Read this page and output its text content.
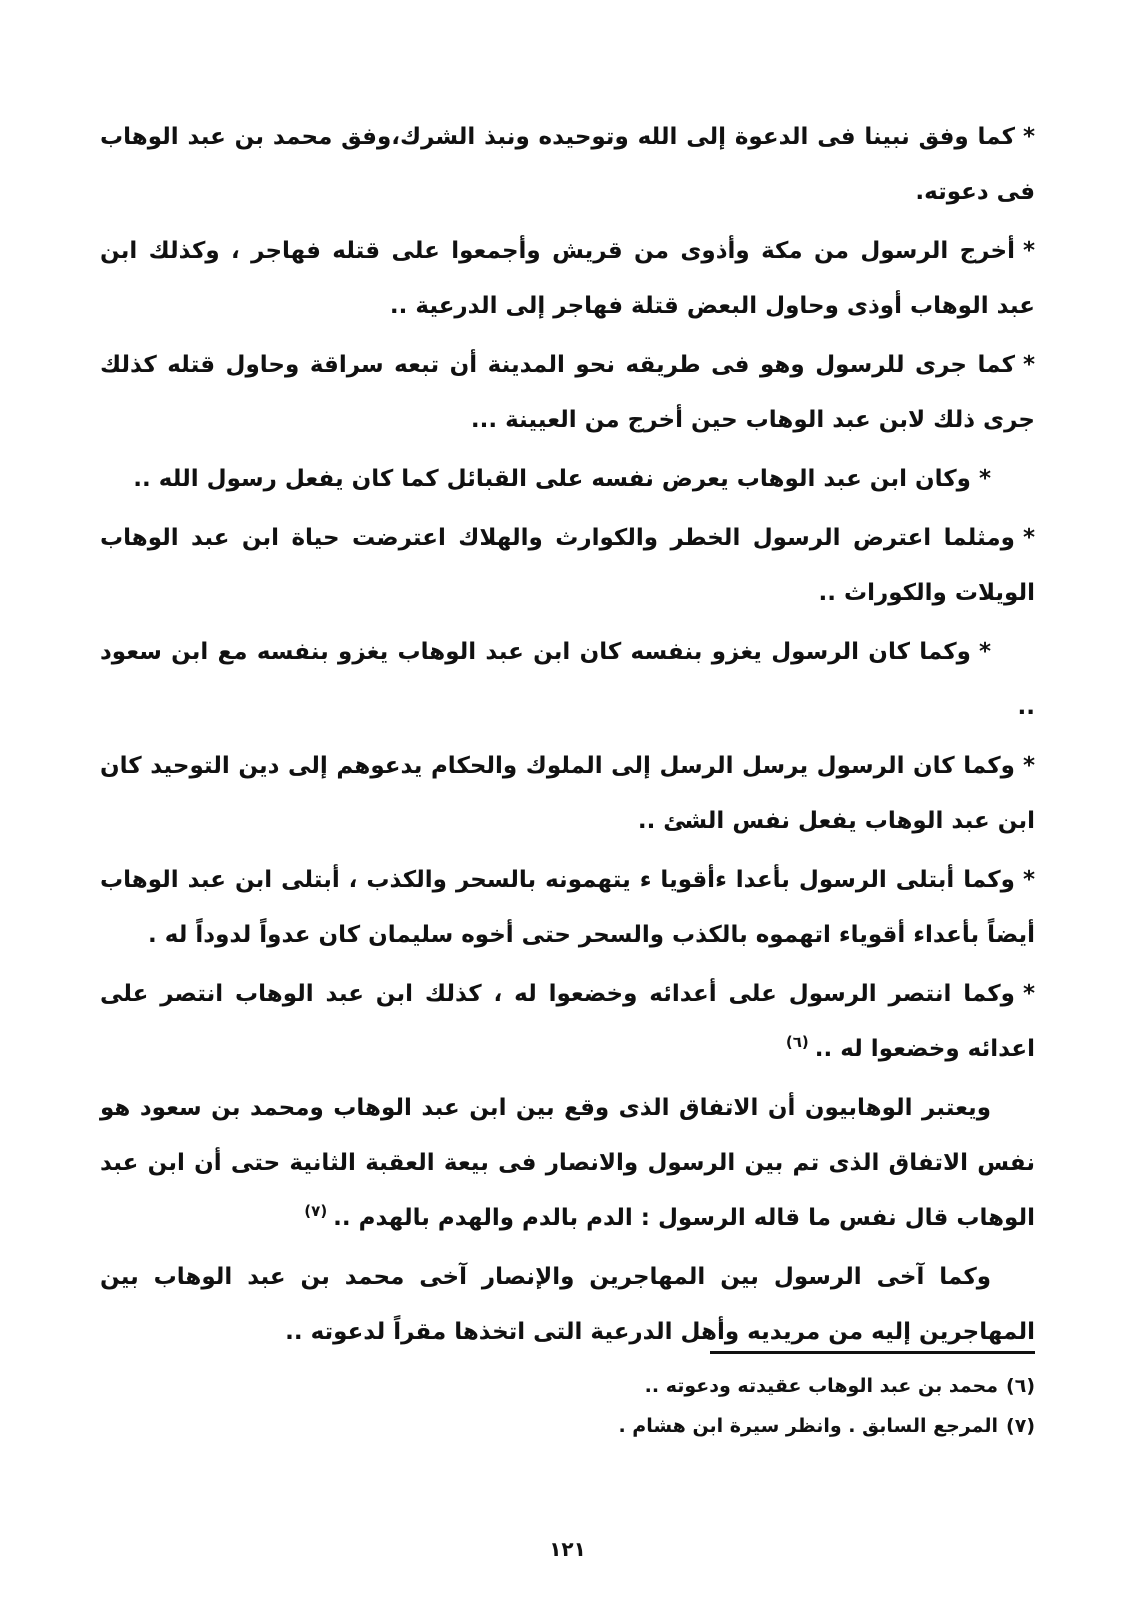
*كما وفق نبينا فى الدعوة إلى الله وتوحيده ونبذ الشرك،وفق محمد بن عبد الوهاب فى دعوته.

*أخرج الرسول من مكة وأذوى من قريش وأجمعوا على قتله فهاجر ، وكذلك ابن عبد الوهاب أوذى وحاول البعض قتلة فهاجر إلى الدرعية ..

*كما جرى للرسول وهو فى طريقه نحو المدينة أن تبعه سراقة وحاول قتله كذلك جرى ذلك لابن عبد الوهاب حين أخرج من العيينة ...

*وكان ابن عبد الوهاب يعرض نفسه على القبائل كما كان يفعل رسول الله ..

*ومثلما اعترض الرسول الخطر والكوارث والهلاك اعترضت حياة ابن عبد الوهاب الويلات والكوراث ..

*وكما كان الرسول يغزو بنفسه كان ابن عبد الوهاب يغزو بنفسه مع ابن سعود ..

*وكما كان الرسول يرسل الرسل إلى الملوك والحكام يدعوهم إلى دين التوحيد كان ابن عبد الوهاب يفعل نفس الشئ ..

*وكما أبتلى الرسول بأعدا ءأقويا ء يتهمونه بالسحر والكذب ، أبتلى ابن عبد الوهاب أيضاً بأعداء أقوياء اتهموه بالكذب والسحر حتى أخوه سليمان كان عدواً لدوداً له .

*وكما انتصر الرسول على أعدائه وخضعوا له ، كذلك ابن عبد الوهاب انتصر على اعدائه وخضعوا له ..$^{(٦)}$

ويعتبر الوهابيون أن الاتفاق الذى وقع بين ابن عبد الوهاب ومحمد بن سعود هو نفس الاتفاق الذى تم بين الرسول والانصار فى بيعة العقبة الثانية حتى أن ابن عبد الوهاب قال نفس ما قاله الرسول : الدم بالدم والهدم بالهدم ..$^{(٧)}$

وكما آخى الرسول بين المهاجرين والإنصار آخى محمد بن عبد الوهاب بين المهاجرين إليه من مريديه وأهل الدرعية التى اتخذها مقراً لدعوته ..

(٦)محمد بن عبد الوهاب عقيدته ودعوته ..

(٧)المرجع السابق . وانظر سيرة ابن هشام .

١٢١
